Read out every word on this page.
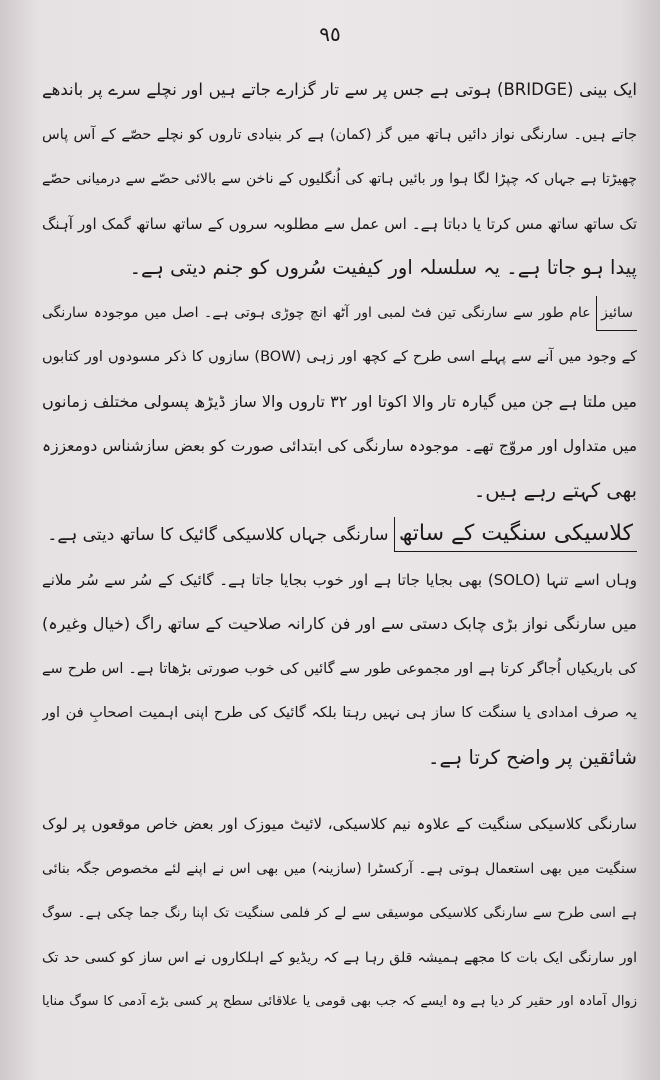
٩٥
ایک بینی (BRIDGE) ہوتی ہے جس پر سے تار گزارے جاتے ہیں اور نچلے سرے پر باندھے
جاتے ہیں۔ سارنگی نواز دائیں ہاتھ میں گز (کمان) ہے کر بنیادی تاروں کو نچلے حصّے کے آس پاس
چھیڑتا ہے جہاں کہ چپڑا لگا ہوا ور بائیں ہاتھ کی اُنگلیوں کے ناخن سے بالائی حصّے سے درمیانی حصّے
تک ساتھ ساتھ مس کرتا یا دباتا ہے۔ اس عمل سے مطلوبہ سروں کے ساتھ ساتھ گمک اور آہنگ
پیدا ہو جاتا ہے۔ یہ سلسلہ اور کیفیت سُروں کو جنم دیتی ہے۔
سائیز عام طور سے سارنگی تین فٹ لمبی اور آٹھ انچ چوڑی ہوتی ہے۔ اصل میں موجودہ سارنگی
کے وجود میں آنے سے پہلے اسی طرح کے کچھ اور زہی (BOW) سازوں کا ذکر مسودوں اور کتابوں
میں ملتا ہے جن میں گیارہ تار والا اکوتا اور ۳۲ تاروں والا ساز ڈیڑھ پسولی مختلف زمانوں
میں متداول اور مروّج تھے۔ موجودہ سارنگی کی ابتدائی صورت کو بعض سازشناس دومعززہ
بھی کہتے رہے ہیں۔
کلاسیکی سنگیت کے ساتھ سارنگی جہاں کلاسیکی گائیک کا ساتھ دیتی ہے۔
وہاں اسے تنہا (SOLO) بھی بجایا جاتا ہے اور خوب بجایا جاتا ہے۔ گائیک کے سُر سے سُر ملانے
میں سارنگی نواز بڑی چابک دستی سے اور فن کارانہ صلاحیت کے ساتھ راگ (خیال وغیرہ)
کی باریکیاں اُجاگر کرتا ہے اور مجموعی طور سے گائیں کی خوب صورتی بڑھاتا ہے۔ اس طرح سے
یہ صرف امدادی یا سنگت کا ساز ہی نہیں رہتا بلکہ گائیک کی طرح اپنی اہمیت اصحابِ فن اور
شائقین پر واضح کرتا ہے۔
سارنگی کلاسیکی سنگیت کے علاوہ نیم کلاسیکی، لائیٹ میوزک اور بعض خاص موقعوں پر لوک
سنگیت میں بھی استعمال ہوتی ہے۔ آرکسٹرا (سازینہ) میں بھی اس نے اپنے لئے مخصوص جگہ بنائی
ہے اسی طرح سے سارنگی کلاسیکی موسیقی سے لے کر فلمی سنگیت تک اپنا رنگ جما چکی ہے۔ سوگ
اور سارنگی ایک بات کا مجھے ہمیشہ قلق رہا ہے کہ ریڈیو کے اہلکاروں نے اس ساز کو کسی حد تک
زوال آمادہ اور حقیر کر دیا ہے وہ ایسے کہ جب بھی قومی یا علاقائی سطح پر کسی بڑے آدمی کا سوگ منایا
